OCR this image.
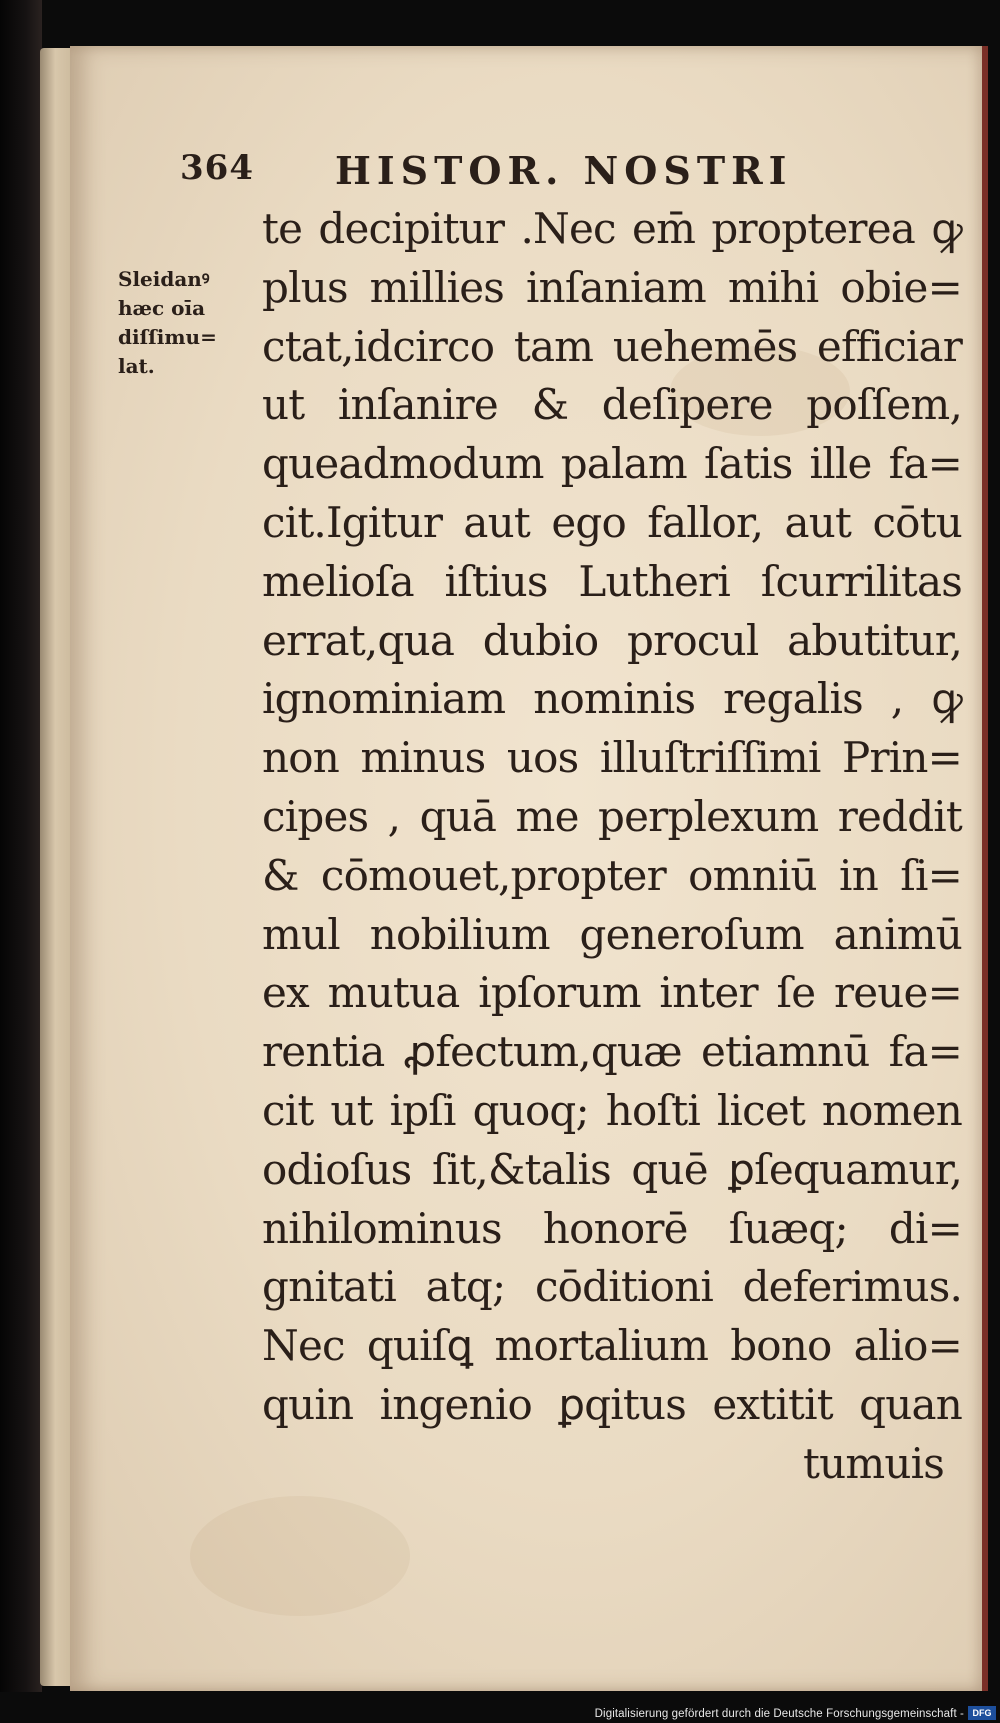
364 HISTOR. NOSTRI
Sleidanꝰ
hæc oīa
diſſimu=
lat.
te decipitur .Nec em̄ propterea ꝙ
plus millies inſaniam mihi obie=
ctat,idcirco tam uehemēs efficiar
ut inſanire & deſipere poſſem,
queadmodum palam ſatis ille fa=
cit.Igitur aut ego fallor, aut cōtu
melioſa iſtius Lutheri ſcurrilitas
errat,qua dubio procul abutitur,
ignominiam nominis regalis , ꝙ
non minus uos illuſtriſſimi Prin=
cipes , quā me perplexum reddit
& cōmouet,propter omniū in ſi=
mul nobilium generoſum animū
ex mutua ipſorum inter ſe reue=
rentia ꝓfectum,quæ etiamnū fa=
cit ut ipſi quoq; hoſti licet nomen
odioſus ſit,&talis quē ꝑſequamur,
nihilominus honorē ſuæq; di=
gnitati atq; cōditioni deferimus.
Nec quiſꝗ mortalium bono alio=
quin ingenio ꝑqitus extitit quan
tumuis
Digitalisierung gefördert durch die Deutsche Forschungsgemeinschaft - DFG
